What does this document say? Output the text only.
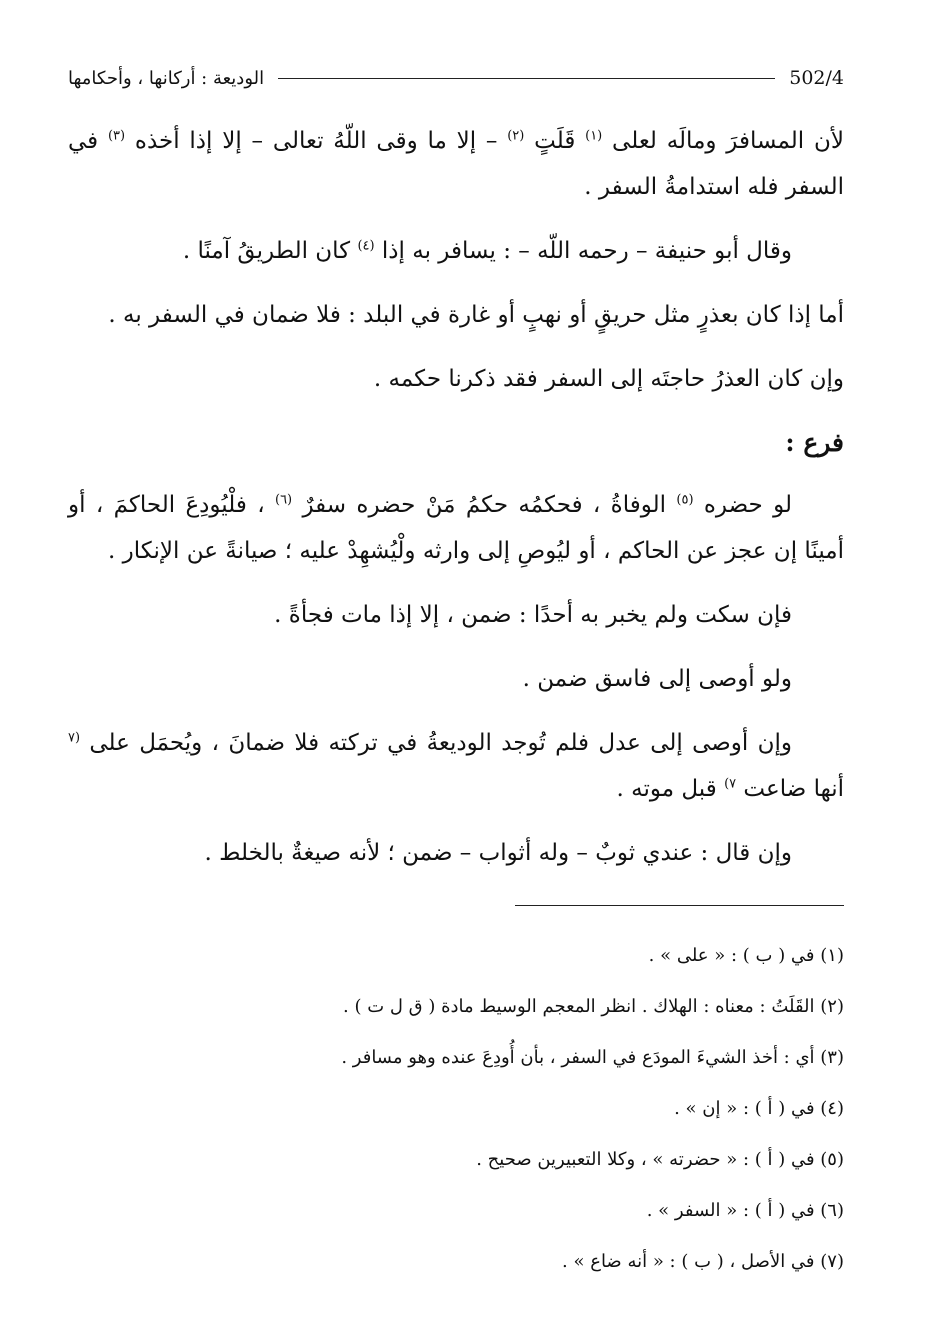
502/4
الوديعة : أركانها ، وأحكامها

لأن المسافرَ ومالَه لعلى $^{(١)}$ قَلَتٍ $^{(٢)}$ – إلا ما وقى اللّهُ تعالى – إلا إذا أخذه $^{(٣)}$ في السفر فله استدامةُ السفر .

وقال أبو حنيفة – رحمه اللّه – : يسافر به إذا $^{(٤)}$ كان الطريقُ آمنًا .

أما إذا كان بعذرٍ مثل حريقٍ أو نهبٍ أو غارة في البلد : فلا ضمان في السفر به .

وإن كان العذرُ حاجتَه إلى السفر فقد ذكرنا حكمه .

فرع :

لو حضره $^{(٥)}$ الوفاةُ ، فحكمُه حكمُ مَنْ حضره سفرٌ $^{(٦)}$ ، فلْيُودِعَ الحاكمَ ، أو أمينًا إن عجز عن الحاكم ، أو ليُوصِ إلى وارثه ولْيُشهِدْ عليه ؛ صيانةً عن الإنكار .

فإن سكت ولم يخبر به أحدًا : ضمن ، إلا إذا مات فجأةً .

ولو أوصى إلى فاسق ضمن .

وإن أوصى إلى عدل فلم تُوجد الوديعةُ في تركته فلا ضمانَ ، ويُحمَل على $^{(٧}$ أنها ضاعت $^{٧)}$ قبل موته .

وإن قال : عندي ثوبٌ – وله أثواب – ضمن ؛ لأنه صيغةٌ بالخلط .

(١) في ( ب ) : « على » .

(٢) القَلَتُ : معناه : الهلاك . انظر المعجم الوسيط مادة ( ق ل ت ) .

(٣) أي : أخذ الشيءَ المودَع في السفر ، بأن أُودِعَ عنده وهو مسافر .

(٤) في ( أ ) : « إن » .

(٥) في ( أ ) : « حضرته » ، وكلا التعبيرين صحيح .

(٦) في ( أ ) : « السفر » .

(٧) في الأصل ، ( ب ) : « أنه ضاع » .
